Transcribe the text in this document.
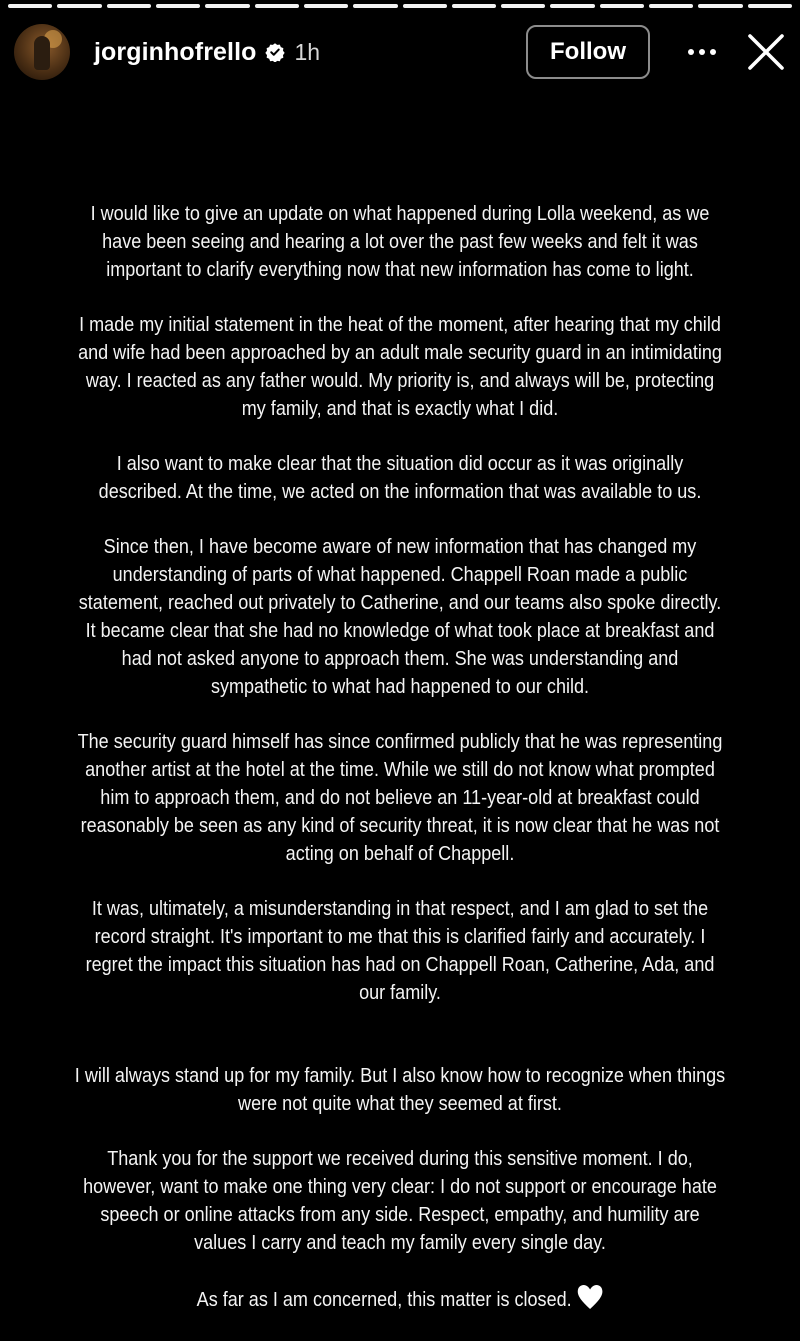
jorginhofrello 1h	Follow

I would like to give an update on what happened during Lolla weekend, as we have been seeing and hearing a lot over the past few weeks and felt it was important to clarify everything now that new information has come to light.

I made my initial statement in the heat of the moment, after hearing that my child and wife had been approached by an adult male security guard in an intimidating way. I reacted as any father would. My priority is, and always will be, protecting my family, and that is exactly what I did.

I also want to make clear that the situation did occur as it was originally described. At the time, we acted on the information that was available to us.

Since then, I have become aware of new information that has changed my understanding of parts of what happened. Chappell Roan made a public statement, reached out privately to Catherine, and our teams also spoke directly. It became clear that she had no knowledge of what took place at breakfast and had not asked anyone to approach them. She was understanding and sympathetic to what had happened to our child.

The security guard himself has since confirmed publicly that he was representing another artist at the hotel at the time. While we still do not know what prompted him to approach them, and do not believe an 11-year-old at breakfast could reasonably be seen as any kind of security threat, it is now clear that he was not acting on behalf of Chappell.

It was, ultimately, a misunderstanding in that respect, and I am glad to set the record straight. It's important to me that this is clarified fairly and accurately. I regret the impact this situation has had on Chappell Roan, Catherine, Ada, and our family.

I will always stand up for my family. But I also know how to recognize when things were not quite what they seemed at first.

Thank you for the support we received during this sensitive moment. I do, however, want to make one thing very clear: I do not support or encourage hate speech or online attacks from any side. Respect, empathy, and humility are values I carry and teach my family every single day.

As far as I am concerned, this matter is closed.
